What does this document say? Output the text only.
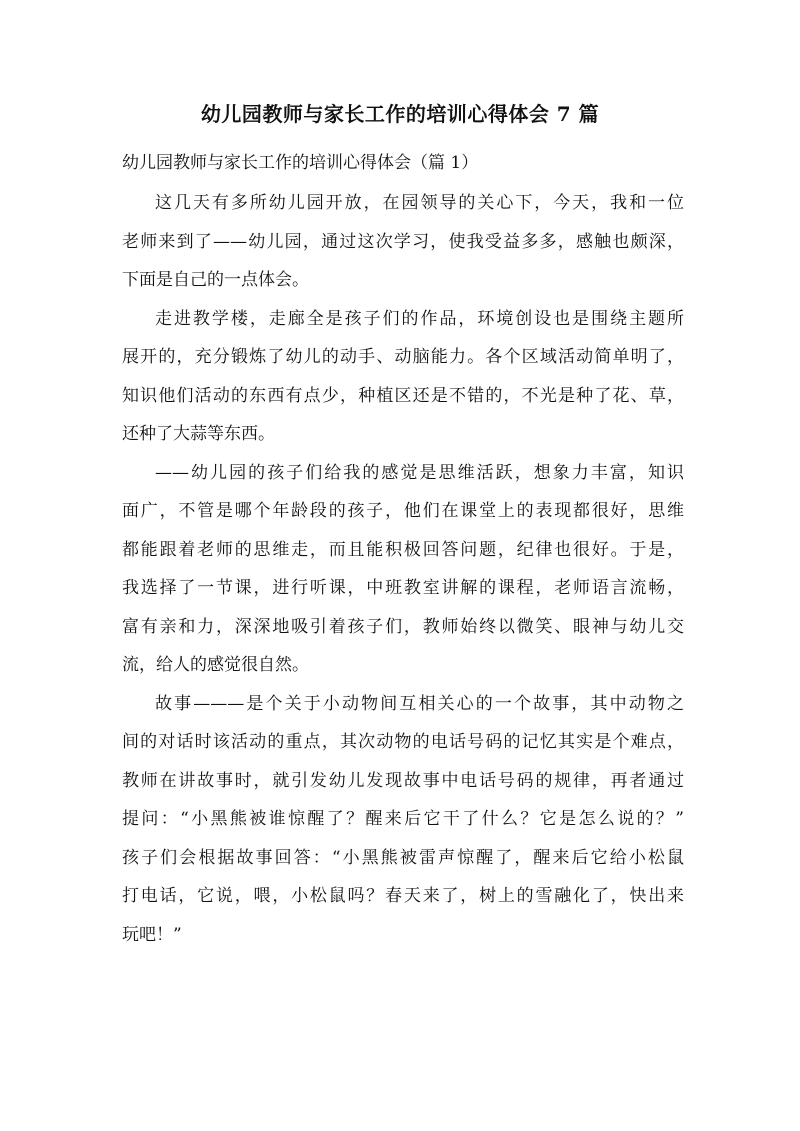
幼儿园教师与家长工作的培训心得体会 7 篇
幼儿园教师与家长工作的培训心得体会（篇 1）
这几天有多所幼儿园开放，在园领导的关心下，今天，我和一位
老师来到了——幼儿园，通过这次学习，使我受益多多，感触也颇深，
下面是自己的一点体会。
走进教学楼，走廊全是孩子们的作品，环境创设也是围绕主题所
展开的，充分锻炼了幼儿的动手、动脑能力。各个区域活动简单明了，
知识他们活动的东西有点少，种植区还是不错的，不光是种了花、草，
还种了大蒜等东西。
——幼儿园的孩子们给我的感觉是思维活跃，想象力丰富，知识
面广，不管是哪个年龄段的孩子，他们在课堂上的表现都很好，思维
都能跟着老师的思维走，而且能积极回答问题，纪律也很好。于是，
我选择了一节课，进行听课，中班教室讲解的课程，老师语言流畅，
富有亲和力，深深地吸引着孩子们，教师始终以微笑、眼神与幼儿交
流，给人的感觉很自然。
故事———是个关于小动物间互相关心的一个故事，其中动物之
间的对话时该活动的重点，其次动物的电话号码的记忆其实是个难点，
教师在讲故事时，就引发幼儿发现故事中电话号码的规律，再者通过
提问：“小黑熊被谁惊醒了？醒来后它干了什么？它是怎么说的？”
孩子们会根据故事回答：“小黑熊被雷声惊醒了，醒来后它给小松鼠
打电话，它说，喂，小松鼠吗？春天来了，树上的雪融化了，快出来
玩吧！”
